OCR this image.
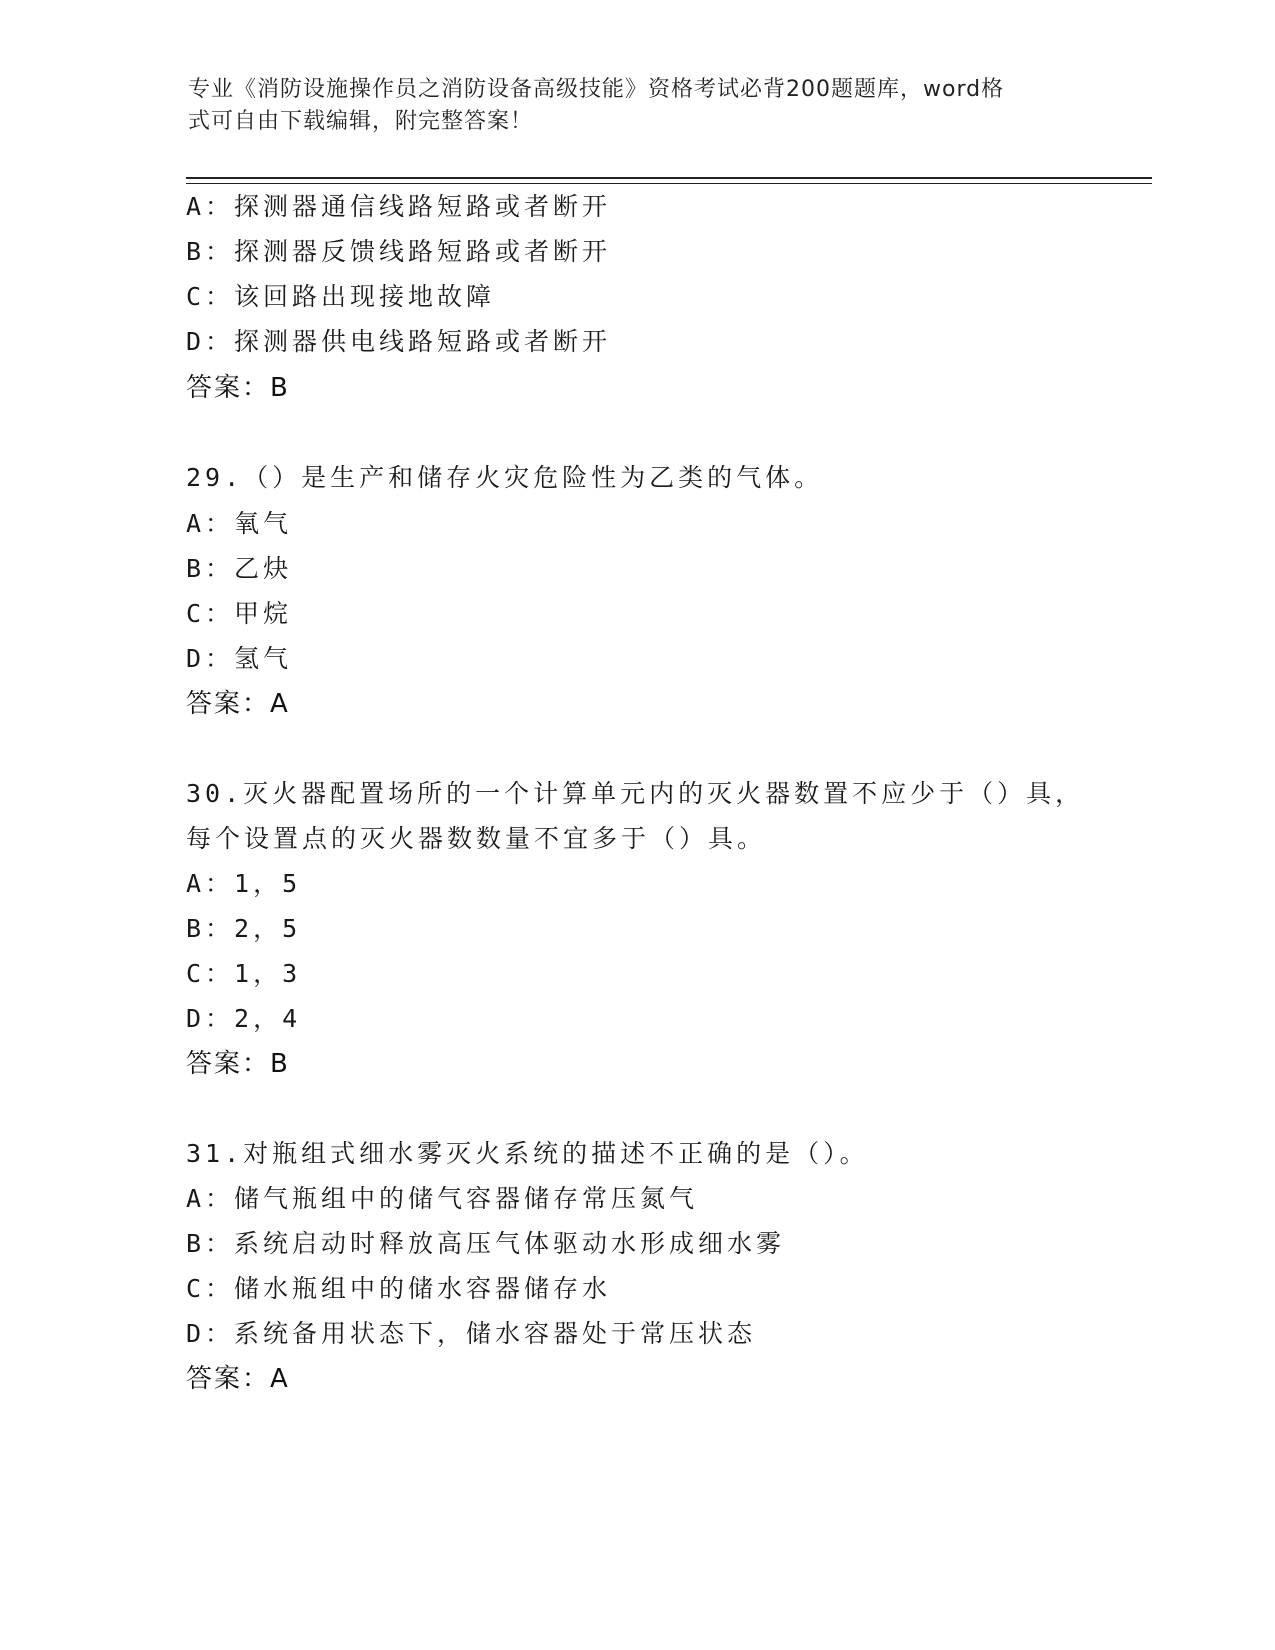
专业《消防设施操作员之消防设备高级技能》资格考试必背200题题库，word格
式可自由下载编辑，附完整答案！
A：探测器通信线路短路或者断开
B：探测器反馈线路短路或者断开
C：该回路出现接地故障
D：探测器供电线路短路或者断开
答案：B
29.（）是生产和储存火灾危险性为乙类的气体。
A：氧气
B：乙炔
C：甲烷
D：氢气
答案：A
30.灭火器配置场所的一个计算单元内的灭火器数置不应少于（）具，
每个设置点的灭火器数数量不宜多于（）具。
A：1，5
B：2，5
C：1，3
D：2，4
答案：B
31.对瓶组式细水雾灭火系统的描述不正确的是（）。
A：储气瓶组中的储气容器储存常压氮气
B：系统启动时释放高压气体驱动水形成细水雾
C：储水瓶组中的储水容器储存水
D：系统备用状态下，储水容器处于常压状态
答案：A
